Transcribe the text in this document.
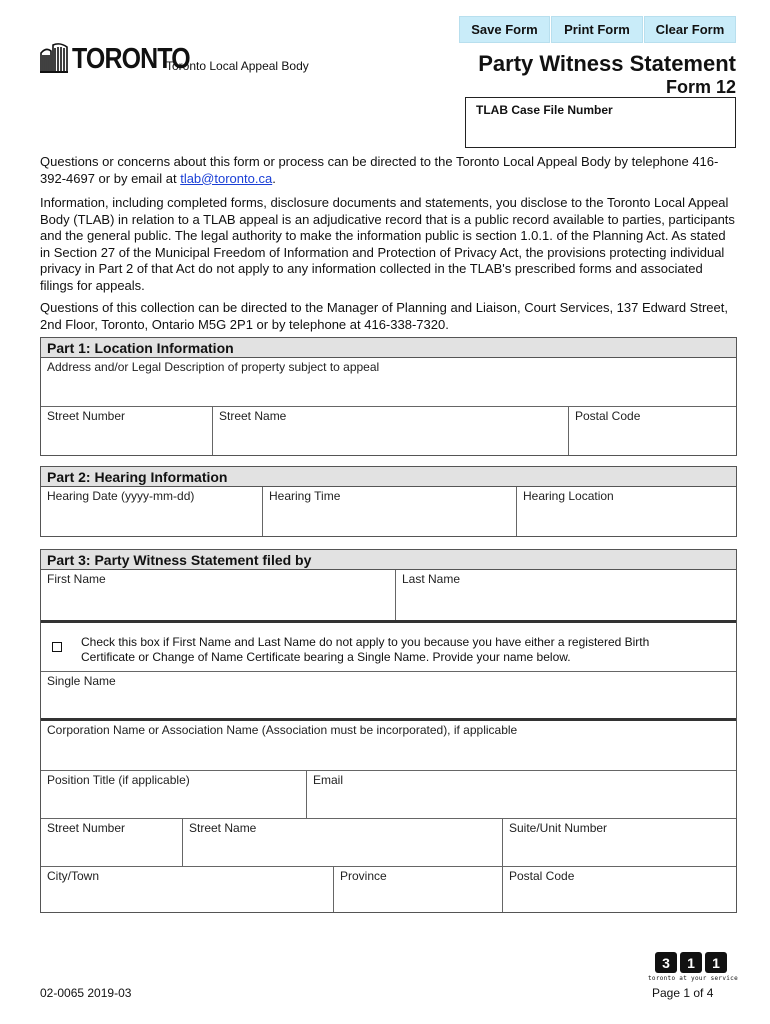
Save Form	Print Form	Clear Form
TORONTO
Toronto Local Appeal Body	Party Witness Statement
Form 12
TLAB Case File Number
Questions or concerns about this form or process can be directed to the Toronto Local Appeal Body by telephone 416-392-4697 or by email at tlab@toronto.ca.
Information, including completed forms, disclosure documents and statements, you disclose to the Toronto Local Appeal Body (TLAB) in relation to a TLAB appeal is an adjudicative record that is a public record available to parties, participants and the general public. The legal authority to make the information public is section 1.0.1. of the Planning Act. As stated in Section 27 of the Municipal Freedom of Information and Protection of Privacy Act, the provisions protecting individual privacy in Part 2 of that Act do not apply to any information collected in the TLAB's prescribed forms and associated filings for appeals.
Questions of this collection can be directed to the Manager of Planning and Liaison, Court Services, 137 Edward Street, 2nd Floor, Toronto, Ontario M5G 2P1 or by telephone at 416-338-7320.
Part 1: Location Information
Address and/or Legal Description of property subject to appeal
Street Number	Street Name	Postal Code
Part 2: Hearing Information
Hearing Date (yyyy-mm-dd)	Hearing Time	Hearing Location
Part 3: Party Witness Statement filed by
First Name	Last Name
Check this box if First Name and Last Name do not apply to you because you have either a registered Birth Certificate or Change of Name Certificate bearing a Single Name. Provide your name below.
Single Name
Corporation Name or Association Name (Association must be incorporated), if applicable
Position Title (if applicable)	Email
Street Number	Street Name	Suite/Unit Number
City/Town	Province	Postal Code
02-0065 2019-03	Page 1 of 4
3	1	1
toronto at your service
